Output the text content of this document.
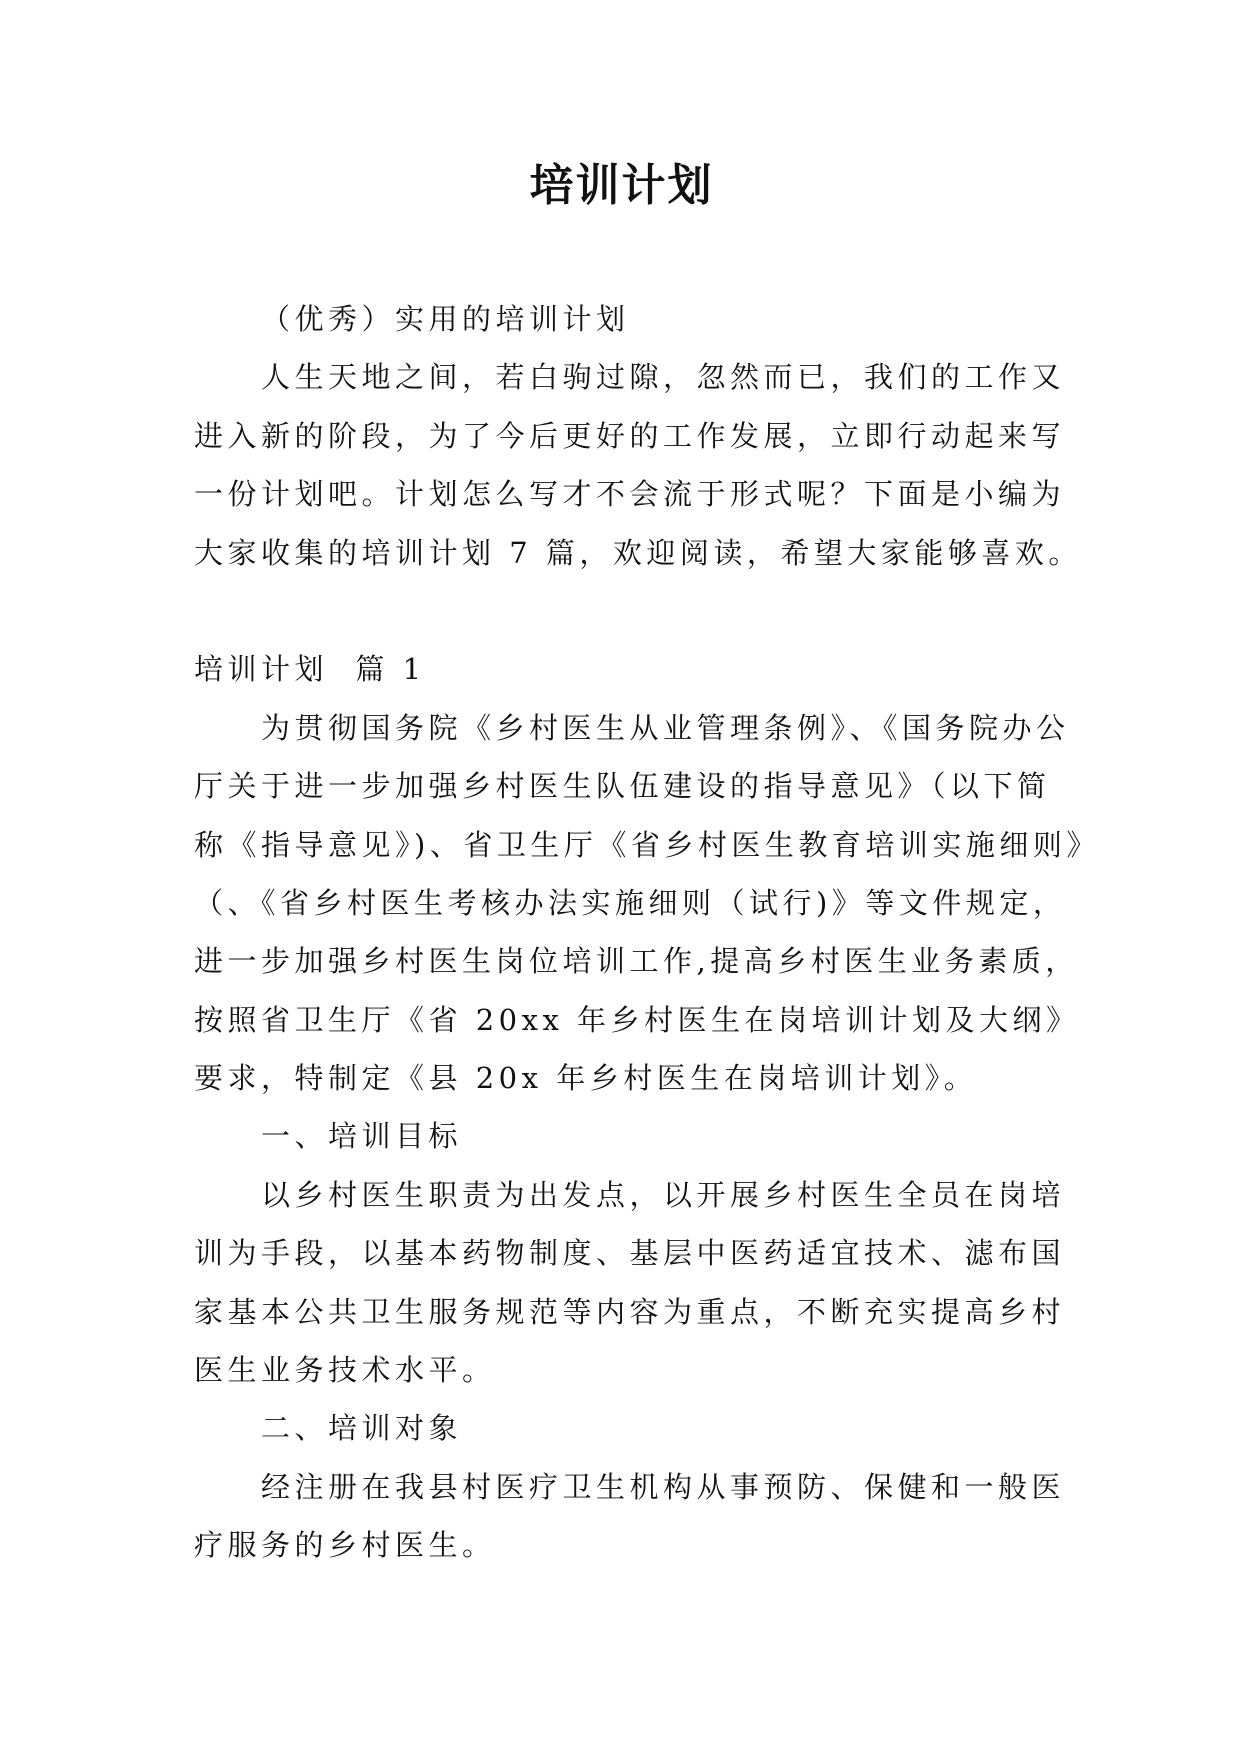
培训计划
（优秀）实用的培训计划
人生天地之间，若白驹过隙，忽然而已，我们的工作又
进入新的阶段，为了今后更好的工作发展，立即行动起来写
一份计划吧。计划怎么写才不会流于形式呢？下面是小编为
大家收集的培训计划 7 篇，欢迎阅读，希望大家能够喜欢。
培训计划  篇 1
为贯彻国务院《乡村医生从业管理条例》、《国务院办公
厅关于进一步加强乡村医生队伍建设的指导意见》（以下简
称《指导意见》)、省卫生厅《省乡村医生教育培训实施细则》
（、《省乡村医生考核办法实施细则（试行)》等文件规定，
进一步加强乡村医生岗位培训工作,提高乡村医生业务素质，
按照省卫生厅《省 20xx 年乡村医生在岗培训计划及大纲》
要求，特制定《县 20x 年乡村医生在岗培训计划》。
一、培训目标
以乡村医生职责为出发点，以开展乡村医生全员在岗培
训为手段，以基本药物制度、基层中医药适宜技术、滤布国
家基本公共卫生服务规范等内容为重点，不断充实提高乡村
医生业务技术水平。
二、培训对象
经注册在我县村医疗卫生机构从事预防、保健和一般医
疗服务的乡村医生。
